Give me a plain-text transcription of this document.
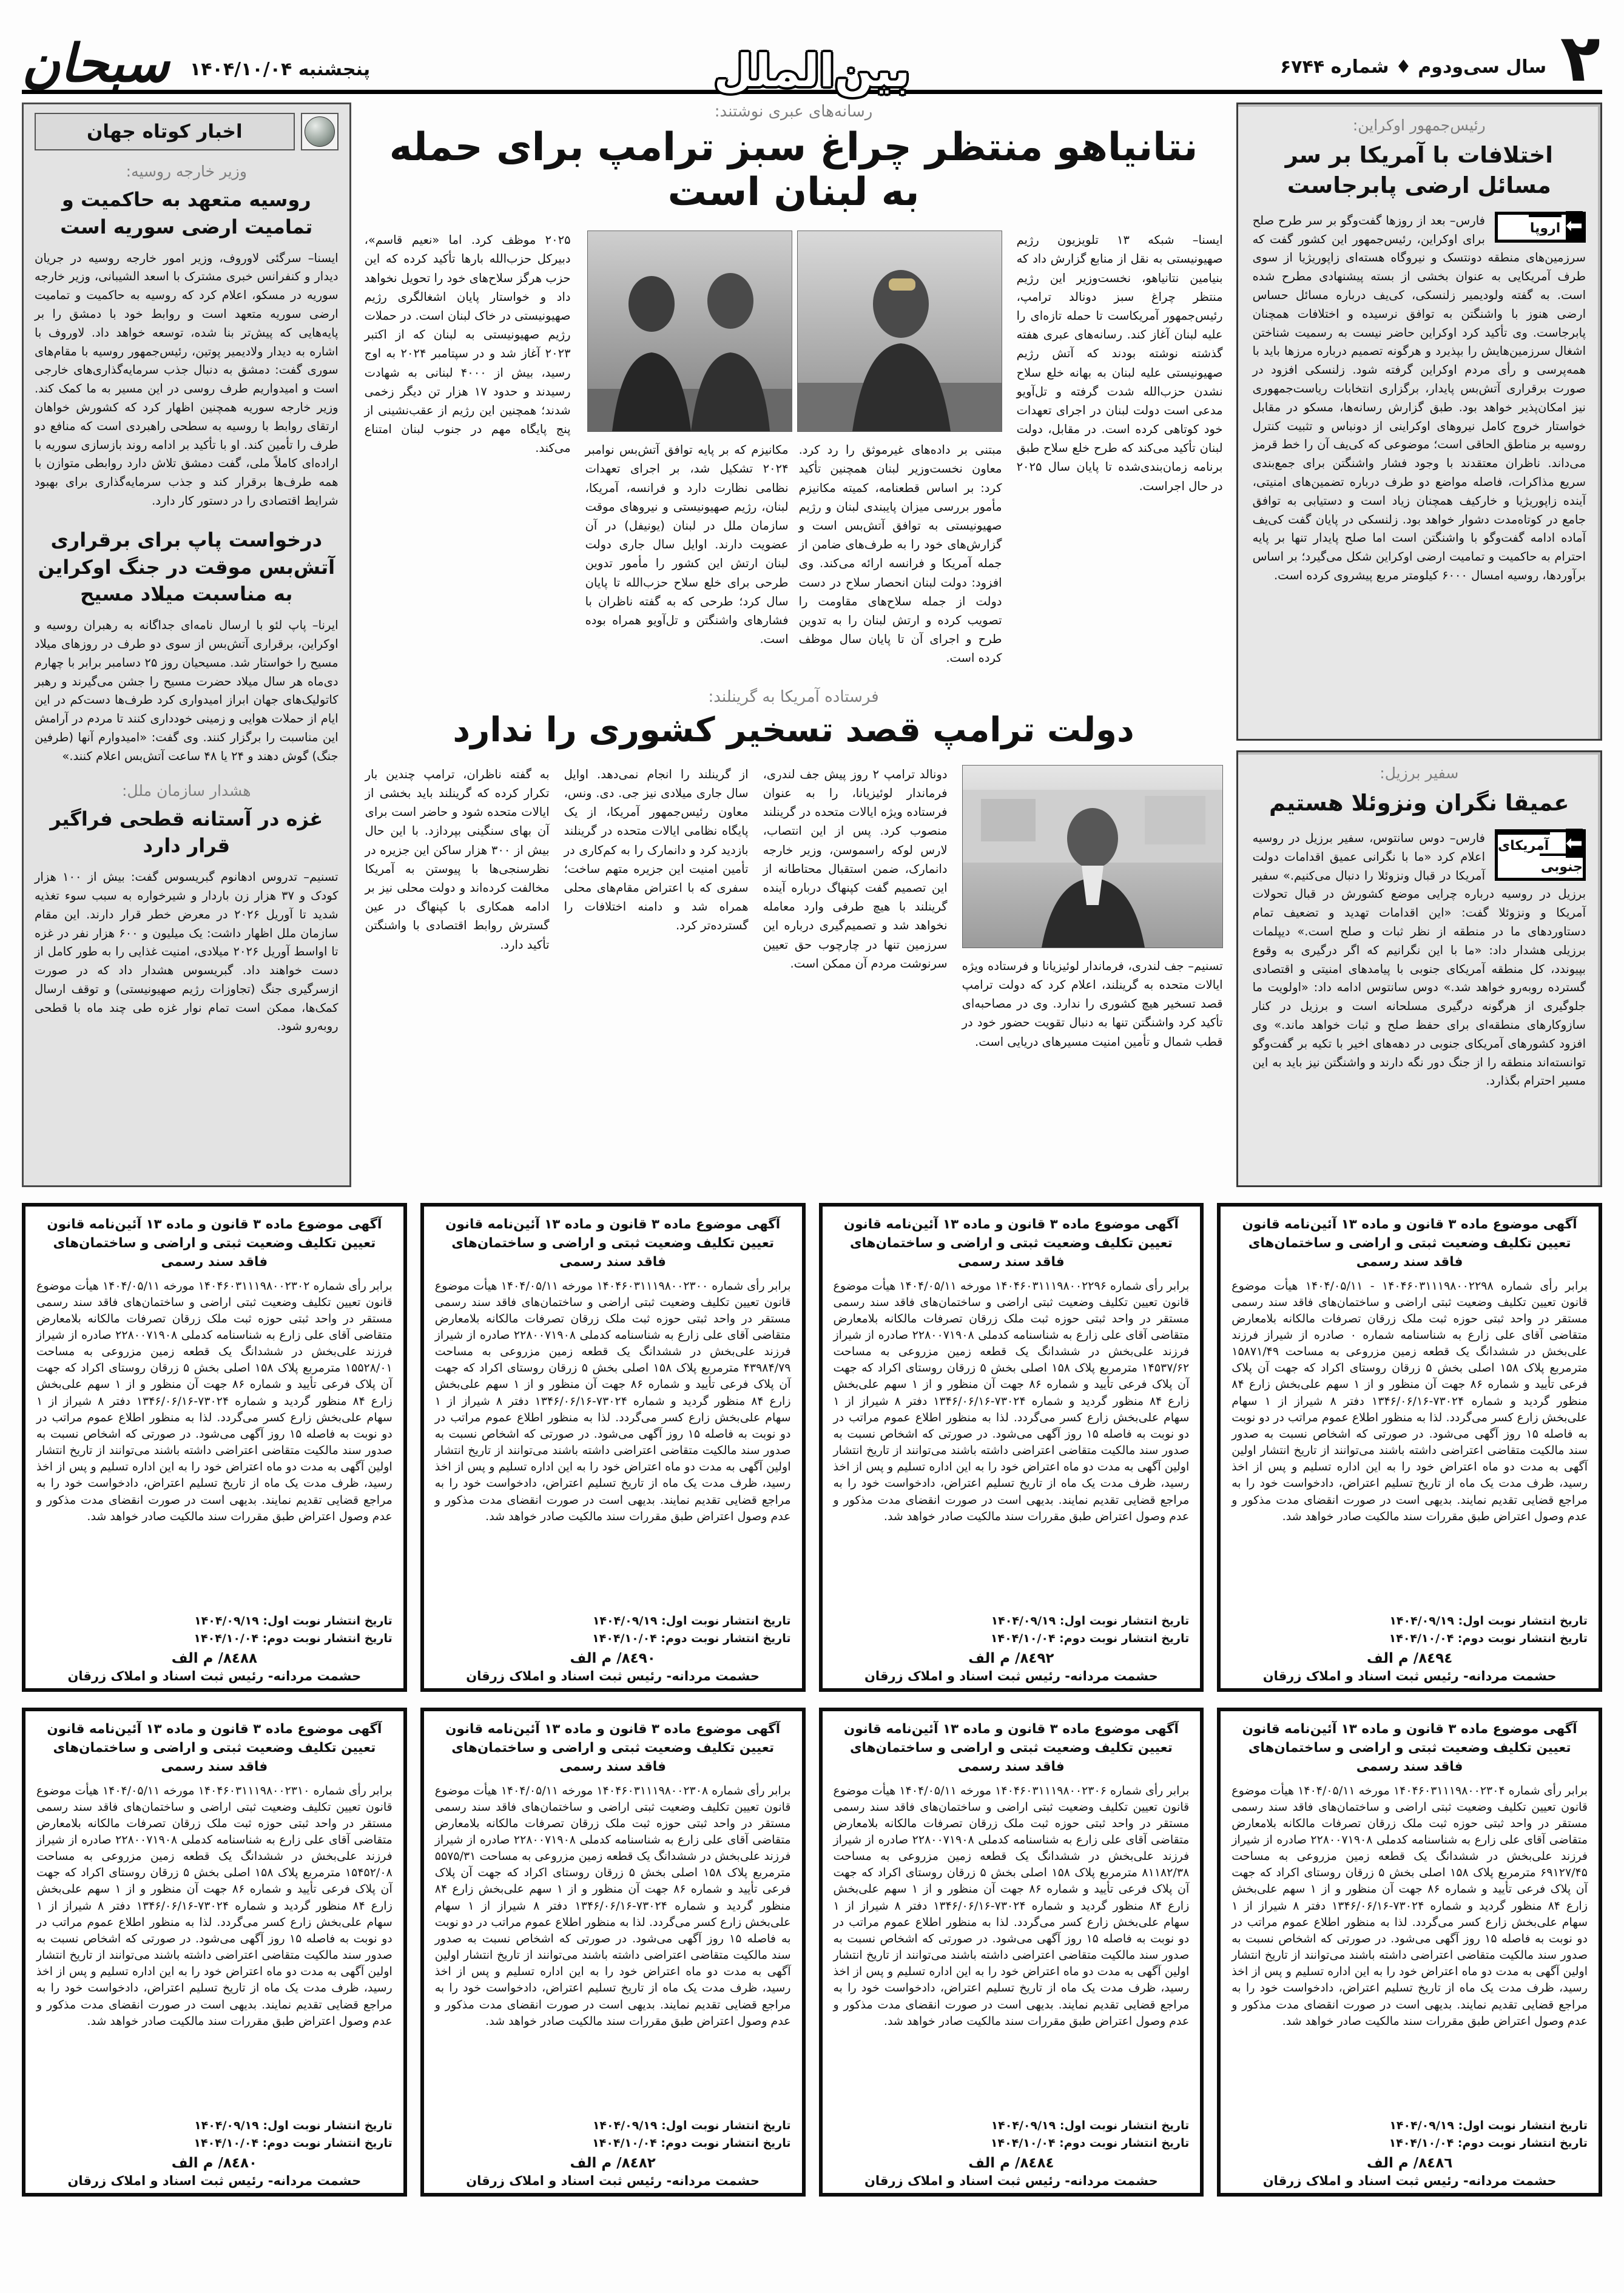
۲
سال سی‌ودوم ♦ شماره ۶۷۴۴
بین‌الملل
پنجشنبه ۱۴۰۴/۱۰/۰۴
سبحان
رئیس‌جمهور اوکراین:
اختلافات با آمریکا بر سر مسائل ارضی پابرجاست
⬅ اروپا
فارس– بعد از روزها گفت‌وگو بر سر طرح صلح برای اوکراین، رئیس‌جمهور این کشور گفت که سرزمین‌های منطقه دونتسک و نیروگاه هسته‌ای زاپوریژیا از سوی طرف آمریکایی به عنوان بخشی از بسته پیشنهادی مطرح شده است. به گفته ولودیمیر زلنسکی، کی‌یف درباره مسائل حساس ارضی هنوز با واشنگتن به توافق نرسیده و اختلافات همچنان پابرجاست. وی تأکید کرد اوکراین حاضر نیست به رسمیت شناختن اشغال سرزمین‌هایش را بپذیرد و هرگونه تصمیم درباره مرزها باید با همه‌پرسی و رأی مردم اوکراین گرفته شود. زلنسکی افزود در صورت برقراری آتش‌بس پایدار، برگزاری انتخابات ریاست‌جمهوری نیز امکان‌پذیر خواهد بود. طبق گزارش رسانه‌ها، مسکو در مقابل خواستار خروج کامل نیروهای اوکراینی از دونباس و تثبیت کنترل روسیه بر مناطق الحاقی است؛ موضوعی که کی‌یف آن را خط قرمز می‌داند. ناظران معتقدند با وجود فشار واشنگتن برای جمع‌بندی سریع مذاکرات، فاصله مواضع دو طرف درباره تضمین‌های امنیتی، آینده زاپوریژیا و خارکیف همچنان زیاد است و دستیابی به توافق جامع در کوتاه‌مدت دشوار خواهد بود. زلنسکی در پایان گفت کی‌یف آماده ادامه گفت‌وگو با واشنگتن است اما صلح پایدار تنها بر پایه احترام به حاکمیت و تمامیت ارضی اوکراین شکل می‌گیرد؛ بر اساس برآوردها، روسیه امسال ۶۰۰۰ کیلومتر مربع پیشروی کرده است.
سفیر برزیل:
عمیقا نگران ونزوئلا هستیم
⬅ آمریکای جنوبی
فارس– دوس سانتوس، سفیر برزیل در روسیه اعلام کرد «ما با نگرانی عمیق اقدامات دولت آمریکا در قبال ونزوئلا را دنبال می‌کنیم.» سفیر برزیل در روسیه درباره چرایی موضع کشورش در قبال تحولات آمریکا و ونزوئلا گفت: «این اقدامات تهدید و تضعیف تمام دستاوردهای ما در منطقه از نظر ثبات و صلح است.» دیپلمات برزیلی هشدار داد: «ما با این نگرانیم که اگر درگیری به وقوع بپیوندد، کل منطقه آمریکای جنوبی با پیامدهای امنیتی و اقتصادی گسترده روبه‌رو خواهد شد.» دوس سانتوس ادامه داد: «اولویت ما جلوگیری از هرگونه درگیری مسلحانه است و برزیل در کنار سازوکارهای منطقه‌ای برای حفظ صلح و ثبات خواهد ماند.» وی افزود کشورهای آمریکای جنوبی در دهه‌های اخیر با تکیه بر گفت‌وگو توانسته‌اند منطقه را از جنگ دور نگه دارند و واشنگتن نیز باید به این مسیر احترام بگذارد.
رسانه‌های عبری نوشتند:
نتانیاهو منتظر چراغ سبز ترامپ برای حمله به لبنان است

ایسنا– شبکه ۱۳ تلویزیون رژیم صهیونیستی به نقل از منابع گزارش داد که بنیامین نتانیاهو، نخست‌وزیر این رژیم منتظر چراغ سبز دونالد ترامپ، رئیس‌جمهور آمریکاست تا حمله تازه‌ای را علیه لبنان آغاز کند. رسانه‌های عبری هفته گذشته نوشته بودند که آتش رژیم صهیونیستی علیه لبنان به بهانه خلع سلاح نشدن حزب‌الله شدت گرفته و تل‌آویو مدعی است دولت لبنان در اجرای تعهدات خود کوتاهی کرده است. در مقابل، دولت لبنان تأکید می‌کند که طرح خلع سلاح طبق برنامه زمان‌بندی‌شده تا پایان سال ۲۰۲۵ در حال اجراست.

مبتنی بر داده‌های غیرموثق را رد کرد. معاون نخست‌وزیر لبنان همچنین تأکید کرد: بر اساس قطعنامه، کمیته مکانیزم مأمور بررسی میزان پایبندی لبنان و رژیم صهیونیستی به توافق آتش‌بس است و گزارش‌های خود را به طرف‌های ضامن از جمله آمریکا و فرانسه ارائه می‌کند. وی افزود: دولت لبنان انحصار سلاح در دست دولت از جمله سلاح‌های مقاومت را تصویب کرده و ارتش لبنان را به تدوین طرح و اجرای آن تا پایان سال موظف کرده است.

مکانیزم که بر پایه توافق آتش‌بس نوامبر ۲۰۲۴ تشکیل شد، بر اجرای تعهدات نظامی نظارت دارد و فرانسه، آمریکا، لبنان، رژیم صهیونیستی و نیروهای موقت سازمان ملل در لبنان (یونیفل) در آن عضویت دارند. اوایل سال جاری دولت لبنان ارتش این کشور را مأمور تدوین طرحی برای خلع سلاح حزب‌الله تا پایان سال کرد؛ طرحی که به گفته ناظران با فشارهای واشنگتن و تل‌آویو همراه بوده است.

۲۰۲۵ موظف کرد. اما «نعیم قاسم»، دبیرکل حزب‌الله بارها تأکید کرده که این حزب هرگز سلاح‌های خود را تحویل نخواهد داد و خواستار پایان اشغالگری رژیم صهیونیستی در خاک لبنان است. در حملات رژیم صهیونیستی به لبنان که از اکتبر ۲۰۲۳ آغاز شد و در سپتامبر ۲۰۲۴ به اوج رسید، بیش از ۴۰۰۰ لبنانی به شهادت رسیدند و حدود ۱۷ هزار تن دیگر زخمی شدند؛ همچنین این رژیم از عقب‌نشینی از پنج پایگاه مهم در جنوب لبنان امتناع می‌کند.

فرستاده آمریکا به گرینلند:
دولت ترامپ قصد تسخیر کشوری را ندارد

تسنیم– جف لندری، فرماندار لوئیزیانا و فرستاده ویژه ایالات متحده به گرینلند، اعلام کرد که دولت ترامپ قصد تسخیر هیچ کشوری را ندارد. وی در مصاحبه‌ای تأکید کرد واشنگتن تنها به دنبال تقویت حضور خود در قطب شمال و تأمین امنیت مسیرهای دریایی است.

دونالد ترامپ ۲ روز پیش جف لندری، فرماندار لوئیزیانا، را به عنوان فرستاده ویژه ایالات متحده در گرینلند منصوب کرد. پس از این انتصاب، لارس لوکه راسموسن، وزیر خارجه دانمارک، ضمن استقبال محتاطانه از این تصمیم گفت کپنهاگ درباره آینده گرینلند با هیچ طرفی وارد معامله نخواهد شد و تصمیم‌گیری درباره این سرزمین تنها در چارچوب حق تعیین سرنوشت مردم آن ممکن است.

از گرینلند را انجام نمی‌دهد. اوایل سال جاری میلادی نیز جی. دی. ونس، معاون رئیس‌جمهور آمریکا، از یک پایگاه نظامی ایالات متحده در گرینلند بازدید کرد و دانمارک را به کم‌کاری در تأمین امنیت این جزیره متهم ساخت؛ سفری که با اعتراض مقام‌های محلی همراه شد و دامنه اختلافات را گسترده‌تر کرد.

به گفته ناظران، ترامپ چندین بار تکرار کرده که گرینلند باید بخشی از ایالات متحده شود و حاضر است برای آن بهای سنگینی بپردازد. با این حال بیش از ۳۰۰ هزار ساکن این جزیره در نظرسنجی‌ها با پیوستن به آمریکا مخالفت کرده‌اند و دولت محلی نیز بر ادامه همکاری با کپنهاگ در عین گسترش روابط اقتصادی با واشنگتن تأکید دارد.

اخبار کوتاه جهان
وزیر خارجه روسیه:
روسیه متعهد به حاکمیت و تمامیت ارضی سوریه است

ایسنا– سرگئی لاوروف، وزیر امور خارجه روسیه در جریان دیدار و کنفرانس خبری مشترک با اسعد الشیبانی، وزیر خارجه سوریه در مسکو، اعلام کرد که روسیه به حاکمیت و تمامیت ارضی سوریه متعهد است و روابط خود با دمشق را بر پایه‌هایی که پیش‌تر بنا شده، توسعه خواهد داد. لاوروف با اشاره به دیدار ولادیمیر پوتین، رئیس‌جمهور روسیه با مقام‌های سوری گفت: دمشق به دنبال جذب سرمایه‌گذاری‌های خارجی است و امیدواریم طرف روسی در این مسیر به ما کمک کند. وزیر خارجه سوریه همچنین اظهار کرد که کشورش خواهان ارتقای روابط با روسیه به سطحی راهبردی است که منافع دو طرف را تأمین کند. او با تأکید بر ادامه روند بازسازی سوریه با اراده‌ای کاملاً ملی، گفت دمشق تلاش دارد روابطی متوازن با همه طرف‌ها برقرار کند و جذب سرمایه‌گذاری برای بهبود شرایط اقتصادی را در دستور کار دارد.

درخواست پاپ برای برقراری آتش‌بس موقت در جنگ اوکراین به مناسبت میلاد مسیح

ایرنا– پاپ لئو با ارسال نامه‌ای جداگانه به رهبران روسیه و اوکراین، برقراری آتش‌بس از سوی دو طرف در روزهای میلاد مسیح را خواستار شد. مسیحیان روز ۲۵ دسامبر برابر با چهارم دی‌ماه هر سال میلاد حضرت مسیح را جشن می‌گیرند و رهبر کاتولیک‌های جهان ابراز امیدواری کرد طرف‌ها دست‌کم در این ایام از حملات هوایی و زمینی خودداری کنند تا مردم در آرامش این مناسبت را برگزار کنند. وی گفت: «امیدوارم آنها (طرفین جنگ) گوش دهند و ۲۴ یا ۴۸ ساعت آتش‌بس اعلام کنند.»

هشدار سازمان ملل:
غزه در آستانه قطحی فراگیر قرار دارد

تسنیم– تدروس ادهانوم گبریسوس گفت: بیش از ۱۰۰ هزار کودک و ۳۷ هزار زن باردار و شیرخواره به سبب سوء تغذیه شدید تا آوریل ۲۰۲۶ در معرض خطر قرار دارند. این مقام سازمان ملل اظهار داشت: یک میلیون و ۶۰۰ هزار نفر در غزه تا اواسط آوریل ۲۰۲۶ میلادی، امنیت غذایی را به طور کامل از دست خواهند داد. گبریسوس هشدار داد که در صورت ازسرگیری جنگ (تجاوزات رژیم صهیونیستی) و توقف ارسال کمک‌ها، ممکن است تمام نوار غزه طی چند ماه با قطحی روبه‌رو شود.

آگهی موضوع ماده ۳ قانون و ماده ۱۳ آئین‌نامه قانون تعیین تکلیف وضعیت ثبتی و اراضی و ساختمان‌های فاقد سند رسمی

برابر رأی شماره ۱۴۰۴۶۰۳۱۱۱۹۸۰۰۲۲۹۸ - ۱۴۰۴/۰۵/۱۱ هیأت موضوع قانون تعیین تکلیف وضعیت ثبتی اراضی و ساختمان‌های فاقد سند رسمی مستقر در واحد ثبتی حوزه ثبت ملک زرقان تصرفات مالکانه بلامعارض متقاضی آقای علی زارع به شناسنامه شماره ۰ صادره از شیراز فرزند علی‌بخش در ششدانگ یک قطعه زمین مزروعی به مساحت ۱۵۸۷۱/۴۹ مترمربع پلاک ۱۵۸ اصلی بخش ۵ زرقان روستای اکراد که جهت آن پلاک فرعی تأیید و شماره ۸۶ جهت آن منظور و از ۱ سهم علی‌بخش زارع ۸۴ منظور گردید و شماره ۷۳۰۲۴-۱۳۴۶/۰۶/۱۶ دفتر ۸ شیراز از ۱ سهام علی‌بخش زارع کسر می‌گردد. لذا به منظور اطلاع عموم مراتب در دو نوبت به فاصله ۱۵ روز آگهی می‌شود. در صورتی که اشخاص نسبت به صدور سند مالکیت متقاضی اعتراضی داشته باشند می‌توانند از تاریخ انتشار اولین آگهی به مدت دو ماه اعتراض خود را به این اداره تسلیم و پس از اخذ رسید، ظرف مدت یک ماه از تاریخ تسلیم اعتراض، دادخواست خود را به مراجع قضایی تقدیم نمایند. بدیهی است در صورت انقضای مدت مذکور و عدم وصول اعتراض طبق مقررات سند مالکیت صادر خواهد شد.

تاریخ انتشار نوبت اول: ۱۴۰۴/۰۹/۱۹
تاریخ انتشار نوبت دوم: ۱۴۰۴/۱۰/۰۴
٨٤٩٤/ م الف
حشمت مردانه- رئیس ثبت اسناد و املاک زرقان
آگهی موضوع ماده ۳ قانون و ماده ۱۳ آئین‌نامه قانون تعیین تکلیف وضعیت ثبتی و اراضی و ساختمان‌های فاقد سند رسمی

برابر رأی شماره ۱۴۰۴۶۰۳۱۱۱۹۸۰۰۲۲۹۶ مورخه ۱۴۰۴/۰۵/۱۱ هیأت موضوع قانون تعیین تکلیف وضعیت ثبتی اراضی و ساختمان‌های فاقد سند رسمی مستقر در واحد ثبتی حوزه ثبت ملک زرقان تصرفات مالکانه بلامعارض متقاضی آقای علی زارع به شناسنامه کدملی ۲۲۸۰۰۷۱۹۰۸ صادره از شیراز فرزند علی‌بخش در ششدانگ یک قطعه زمین مزروعی به مساحت ۱۴۵۳۷/۶۲ مترمربع پلاک ۱۵۸ اصلی بخش ۵ زرقان روستای اکراد که جهت آن پلاک فرعی تأیید و شماره ۸۶ جهت آن منظور و از ۱ سهم علی‌بخش زارع ۸۴ منظور گردید و شماره ۷۳۰۲۴-۱۳۴۶/۰۶/۱۶ دفتر ۸ شیراز از ۱ سهام علی‌بخش زارع کسر می‌گردد. لذا به منظور اطلاع عموم مراتب در دو نوبت به فاصله ۱۵ روز آگهی می‌شود. در صورتی که اشخاص نسبت به صدور سند مالکیت متقاضی اعتراضی داشته باشند می‌توانند از تاریخ انتشار اولین آگهی به مدت دو ماه اعتراض خود را به این اداره تسلیم و پس از اخذ رسید، ظرف مدت یک ماه از تاریخ تسلیم اعتراض، دادخواست خود را به مراجع قضایی تقدیم نمایند. بدیهی است در صورت انقضای مدت مذکور و عدم وصول اعتراض طبق مقررات سند مالکیت صادر خواهد شد.

تاریخ انتشار نوبت اول: ۱۴۰۴/۰۹/۱۹
تاریخ انتشار نوبت دوم: ۱۴۰۴/۱۰/۰۴
٨٤٩٢/ م الف
حشمت مردانه- رئیس ثبت اسناد و املاک زرقان
آگهی موضوع ماده ۳ قانون و ماده ۱۳ آئین‌نامه قانون تعیین تکلیف وضعیت ثبتی و اراضی و ساختمان‌های فاقد سند رسمی

برابر رأی شماره ۱۴۰۴۶۰۳۱۱۱۹۸۰۰۲۳۰۰ مورخه ۱۴۰۴/۰۵/۱۱ هیأت موضوع قانون تعیین تکلیف وضعیت ثبتی اراضی و ساختمان‌های فاقد سند رسمی مستقر در واحد ثبتی حوزه ثبت ملک زرقان تصرفات مالکانه بلامعارض متقاضی آقای علی زارع به شناسنامه کدملی ۲۲۸۰۰۷۱۹۰۸ صادره از شیراز فرزند علی‌بخش در ششدانگ یک قطعه زمین مزروعی به مساحت ۴۳۹۸۴/۷۹ مترمربع پلاک ۱۵۸ اصلی بخش ۵ زرقان روستای اکراد که جهت آن پلاک فرعی تأیید و شماره ۸۶ جهت آن منظور و از ۱ سهم علی‌بخش زارع ۸۴ منظور گردید و شماره ۷۳۰۲۴-۱۳۴۶/۰۶/۱۶ دفتر ۸ شیراز از ۱ سهام علی‌بخش زارع کسر می‌گردد. لذا به منظور اطلاع عموم مراتب در دو نوبت به فاصله ۱۵ روز آگهی می‌شود. در صورتی که اشخاص نسبت به صدور سند مالکیت متقاضی اعتراضی داشته باشند می‌توانند از تاریخ انتشار اولین آگهی به مدت دو ماه اعتراض خود را به این اداره تسلیم و پس از اخذ رسید، ظرف مدت یک ماه از تاریخ تسلیم اعتراض، دادخواست خود را به مراجع قضایی تقدیم نمایند. بدیهی است در صورت انقضای مدت مذکور و عدم وصول اعتراض طبق مقررات سند مالکیت صادر خواهد شد.

تاریخ انتشار نوبت اول: ۱۴۰۴/۰۹/۱۹
تاریخ انتشار نوبت دوم: ۱۴۰۴/۱۰/۰۴
٨٤٩٠/ م الف
حشمت مردانه- رئیس ثبت اسناد و املاک زرقان
آگهی موضوع ماده ۳ قانون و ماده ۱۳ آئین‌نامه قانون تعیین تکلیف وضعیت ثبتی و اراضی و ساختمان‌های فاقد سند رسمی

برابر رأی شماره ۱۴۰۴۶۰۳۱۱۱۹۸۰۰۲۳۰۲ مورخه ۱۴۰۴/۰۵/۱۱ هیأت موضوع قانون تعیین تکلیف وضعیت ثبتی اراضی و ساختمان‌های فاقد سند رسمی مستقر در واحد ثبتی حوزه ثبت ملک زرقان تصرفات مالکانه بلامعارض متقاضی آقای علی زارع به شناسنامه کدملی ۲۲۸۰۰۷۱۹۰۸ صادره از شیراز فرزند علی‌بخش در ششدانگ یک قطعه زمین مزروعی به مساحت ۱۵۵۲۸/۰۱ مترمربع پلاک ۱۵۸ اصلی بخش ۵ زرقان روستای اکراد که جهت آن پلاک فرعی تأیید و شماره ۸۶ جهت آن منظور و از ۱ سهم علی‌بخش زارع ۸۴ منظور گردید و شماره ۷۳۰۲۴-۱۳۴۶/۰۶/۱۶ دفتر ۸ شیراز از ۱ سهام علی‌بخش زارع کسر می‌گردد. لذا به منظور اطلاع عموم مراتب در دو نوبت به فاصله ۱۵ روز آگهی می‌شود. در صورتی که اشخاص نسبت به صدور سند مالکیت متقاضی اعتراضی داشته باشند می‌توانند از تاریخ انتشار اولین آگهی به مدت دو ماه اعتراض خود را به این اداره تسلیم و پس از اخذ رسید، ظرف مدت یک ماه از تاریخ تسلیم اعتراض، دادخواست خود را به مراجع قضایی تقدیم نمایند. بدیهی است در صورت انقضای مدت مذکور و عدم وصول اعتراض طبق مقررات سند مالکیت صادر خواهد شد.

تاریخ انتشار نوبت اول: ۱۴۰۴/۰۹/۱۹
تاریخ انتشار نوبت دوم: ۱۴۰۴/۱۰/۰۴
٨٤٨٨/ م الف
حشمت مردانه- رئیس ثبت اسناد و املاک زرقان
آگهی موضوع ماده ۳ قانون و ماده ۱۳ آئین‌نامه قانون تعیین تکلیف وضعیت ثبتی و اراضی و ساختمان‌های فاقد سند رسمی

برابر رأی شماره ۱۴۰۴۶۰۳۱۱۱۹۸۰۰۲۳۰۴ مورخه ۱۴۰۴/۰۵/۱۱ هیأت موضوع قانون تعیین تکلیف وضعیت ثبتی اراضی و ساختمان‌های فاقد سند رسمی مستقر در واحد ثبتی حوزه ثبت ملک زرقان تصرفات مالکانه بلامعارض متقاضی آقای علی زارع به شناسنامه کدملی ۲۲۸۰۰۷۱۹۰۸ صادره از شیراز فرزند علی‌بخش در ششدانگ یک قطعه زمین مزروعی به مساحت ۶۹۱۲۷/۴۵ مترمربع پلاک ۱۵۸ اصلی بخش ۵ زرقان روستای اکراد که جهت آن پلاک فرعی تأیید و شماره ۸۶ جهت آن منظور و از ۱ سهم علی‌بخش زارع ۸۴ منظور گردید و شماره ۷۳۰۲۴-۱۳۴۶/۰۶/۱۶ دفتر ۸ شیراز از ۱ سهام علی‌بخش زارع کسر می‌گردد. لذا به منظور اطلاع عموم مراتب در دو نوبت به فاصله ۱۵ روز آگهی می‌شود. در صورتی که اشخاص نسبت به صدور سند مالکیت متقاضی اعتراضی داشته باشند می‌توانند از تاریخ انتشار اولین آگهی به مدت دو ماه اعتراض خود را به این اداره تسلیم و پس از اخذ رسید، ظرف مدت یک ماه از تاریخ تسلیم اعتراض، دادخواست خود را به مراجع قضایی تقدیم نمایند. بدیهی است در صورت انقضای مدت مذکور و عدم وصول اعتراض طبق مقررات سند مالکیت صادر خواهد شد.

تاریخ انتشار نوبت اول: ۱۴۰۴/۰۹/۱۹
تاریخ انتشار نوبت دوم: ۱۴۰۴/۱۰/۰۴
٨٤٨٦/ م الف
حشمت مردانه- رئیس ثبت اسناد و املاک زرقان
آگهی موضوع ماده ۳ قانون و ماده ۱۳ آئین‌نامه قانون تعیین تکلیف وضعیت ثبتی و اراضی و ساختمان‌های فاقد سند رسمی

برابر رأی شماره ۱۴۰۴۶۰۳۱۱۱۹۸۰۰۲۳۰۶ مورخه ۱۴۰۴/۰۵/۱۱ هیأت موضوع قانون تعیین تکلیف وضعیت ثبتی اراضی و ساختمان‌های فاقد سند رسمی مستقر در واحد ثبتی حوزه ثبت ملک زرقان تصرفات مالکانه بلامعارض متقاضی آقای علی زارع به شناسنامه کدملی ۲۲۸۰۰۷۱۹۰۸ صادره از شیراز فرزند علی‌بخش در ششدانگ یک قطعه زمین مزروعی به مساحت ۸۱۱۸۲/۳۸ مترمربع پلاک ۱۵۸ اصلی بخش ۵ زرقان روستای اکراد که جهت آن پلاک فرعی تأیید و شماره ۸۶ جهت آن منظور و از ۱ سهم علی‌بخش زارع ۸۴ منظور گردید و شماره ۷۳۰۲۴-۱۳۴۶/۰۶/۱۶ دفتر ۸ شیراز از ۱ سهام علی‌بخش زارع کسر می‌گردد. لذا به منظور اطلاع عموم مراتب در دو نوبت به فاصله ۱۵ روز آگهی می‌شود. در صورتی که اشخاص نسبت به صدور سند مالکیت متقاضی اعتراضی داشته باشند می‌توانند از تاریخ انتشار اولین آگهی به مدت دو ماه اعتراض خود را به این اداره تسلیم و پس از اخذ رسید، ظرف مدت یک ماه از تاریخ تسلیم اعتراض، دادخواست خود را به مراجع قضایی تقدیم نمایند. بدیهی است در صورت انقضای مدت مذکور و عدم وصول اعتراض طبق مقررات سند مالکیت صادر خواهد شد.

تاریخ انتشار نوبت اول: ۱۴۰۴/۰۹/۱۹
تاریخ انتشار نوبت دوم: ۱۴۰۴/۱۰/۰۴
٨٤٨٤/ م الف
حشمت مردانه- رئیس ثبت اسناد و املاک زرقان
آگهی موضوع ماده ۳ قانون و ماده ۱۳ آئین‌نامه قانون تعیین تکلیف وضعیت ثبتی و اراضی و ساختمان‌های فاقد سند رسمی

برابر رأی شماره ۱۴۰۴۶۰۳۱۱۱۹۸۰۰۲۳۰۸ مورخه ۱۴۰۴/۰۵/۱۱ هیأت موضوع قانون تعیین تکلیف وضعیت ثبتی اراضی و ساختمان‌های فاقد سند رسمی مستقر در واحد ثبتی حوزه ثبت ملک زرقان تصرفات مالکانه بلامعارض متقاضی آقای علی زارع به شناسنامه کدملی ۲۲۸۰۰۷۱۹۰۸ صادره از شیراز فرزند علی‌بخش در ششدانگ یک قطعه زمین مزروعی به مساحت ۵۵۷۵/۳۱ مترمربع پلاک ۱۵۸ اصلی بخش ۵ زرقان روستای اکراد که جهت آن پلاک فرعی تأیید و شماره ۸۶ جهت آن منظور و از ۱ سهم علی‌بخش زارع ۸۴ منظور گردید و شماره ۷۳۰۲۴-۱۳۴۶/۰۶/۱۶ دفتر ۸ شیراز از ۱ سهام علی‌بخش زارع کسر می‌گردد. لذا به منظور اطلاع عموم مراتب در دو نوبت به فاصله ۱۵ روز آگهی می‌شود. در صورتی که اشخاص نسبت به صدور سند مالکیت متقاضی اعتراضی داشته باشند می‌توانند از تاریخ انتشار اولین آگهی به مدت دو ماه اعتراض خود را به این اداره تسلیم و پس از اخذ رسید، ظرف مدت یک ماه از تاریخ تسلیم اعتراض، دادخواست خود را به مراجع قضایی تقدیم نمایند. بدیهی است در صورت انقضای مدت مذکور و عدم وصول اعتراض طبق مقررات سند مالکیت صادر خواهد شد.

تاریخ انتشار نوبت اول: ۱۴۰۴/۰۹/۱۹
تاریخ انتشار نوبت دوم: ۱۴۰۴/۱۰/۰۴
٨٤٨٢/ م الف
حشمت مردانه- رئیس ثبت اسناد و املاک زرقان
آگهی موضوع ماده ۳ قانون و ماده ۱۳ آئین‌نامه قانون تعیین تکلیف وضعیت ثبتی و اراضی و ساختمان‌های فاقد سند رسمی

برابر رأی شماره ۱۴۰۴۶۰۳۱۱۱۹۸۰۰۲۳۱۰ مورخه ۱۴۰۴/۰۵/۱۱ هیأت موضوع قانون تعیین تکلیف وضعیت ثبتی اراضی و ساختمان‌های فاقد سند رسمی مستقر در واحد ثبتی حوزه ثبت ملک زرقان تصرفات مالکانه بلامعارض متقاضی آقای علی زارع به شناسنامه کدملی ۲۲۸۰۰۷۱۹۰۸ صادره از شیراز فرزند علی‌بخش در ششدانگ یک قطعه زمین مزروعی به مساحت ۱۵۴۵۲/۰۸ مترمربع پلاک ۱۵۸ اصلی بخش ۵ زرقان روستای اکراد که جهت آن پلاک فرعی تأیید و شماره ۸۶ جهت آن منظور و از ۱ سهم علی‌بخش زارع ۸۴ منظور گردید و شماره ۷۳۰۲۴-۱۳۴۶/۰۶/۱۶ دفتر ۸ شیراز از ۱ سهام علی‌بخش زارع کسر می‌گردد. لذا به منظور اطلاع عموم مراتب در دو نوبت به فاصله ۱۵ روز آگهی می‌شود. در صورتی که اشخاص نسبت به صدور سند مالکیت متقاضی اعتراضی داشته باشند می‌توانند از تاریخ انتشار اولین آگهی به مدت دو ماه اعتراض خود را به این اداره تسلیم و پس از اخذ رسید، ظرف مدت یک ماه از تاریخ تسلیم اعتراض، دادخواست خود را به مراجع قضایی تقدیم نمایند. بدیهی است در صورت انقضای مدت مذکور و عدم وصول اعتراض طبق مقررات سند مالکیت صادر خواهد شد.

تاریخ انتشار نوبت اول: ۱۴۰۴/۰۹/۱۹
تاریخ انتشار نوبت دوم: ۱۴۰۴/۱۰/۰۴
٨٤٨٠/ م الف
حشمت مردانه- رئیس ثبت اسناد و املاک زرقان
